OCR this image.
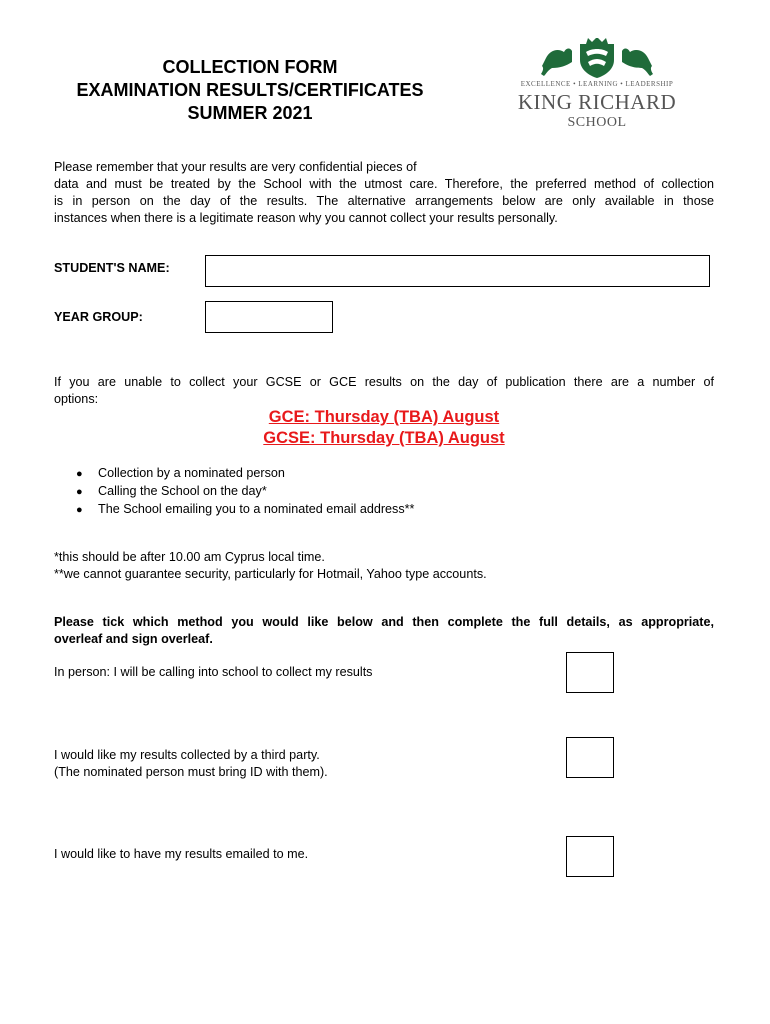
COLLECTION FORM
EXAMINATION RESULTS/CERTIFICATES
SUMMER 2021
EXCELLENCE • LEARNING • LEADERSHIP
KING RICHARD
SCHOOL
Please remember that your results are very confidential pieces of
data and must be treated by the School with the utmost care. Therefore, the preferred method of collection
is in person on the day of the results. The alternative arrangements below are only available in those
instances when there is a legitimate reason why you cannot collect your results personally.
STUDENT'S NAME:
YEAR GROUP:
If you are unable to collect your GCSE or GCE results on the day of publication there are a number of
options:
GCE: Thursday (TBA) August
GCSE: Thursday (TBA) August
●	Collection by a nominated person
●	Calling the School on the day*
●	The School emailing you to a nominated email address**
*this should be after 10.00 am Cyprus local time.
**we cannot guarantee security, particularly for Hotmail, Yahoo type accounts.
Please tick which method you would like below and then complete the full details, as appropriate,
overleaf and sign overleaf.
In person: I will be calling into school to collect my results
I would like my results collected by a third party.
(The nominated person must bring ID with them).
I would like to have my results emailed to me.
